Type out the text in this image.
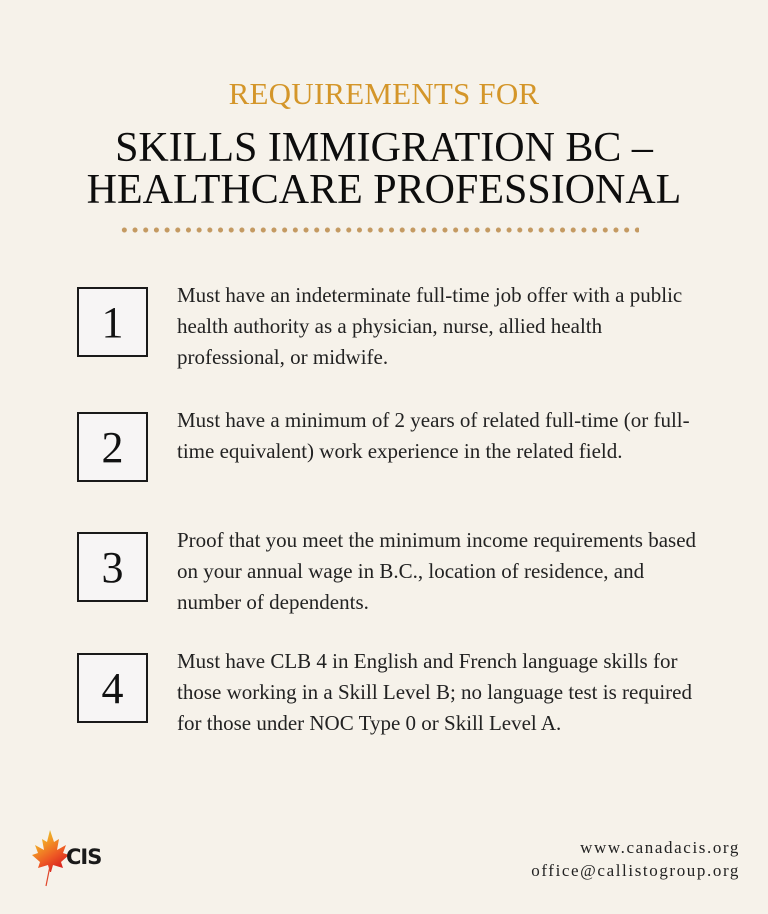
REQUIREMENTS FOR
SKILLS IMMIGRATION BC –
HEALTHCARE PROFESSIONAL
1
Must have an indeterminate full-time job offer with a public health authority as a physician, nurse, allied health professional, or midwife.
2
Must have a minimum of 2 years of related full-time (or full-time equivalent) work experience in the related field.
3
Proof that you meet the minimum income requirements based on your annual wage in B.C., location of residence, and number of dependents.
4
Must have CLB 4 in English and French language skills for those working in a Skill Level B; no language test is required for those under NOC Type 0 or Skill Level A.
CIS	www.canadacis.org
office@callistogroup.org
